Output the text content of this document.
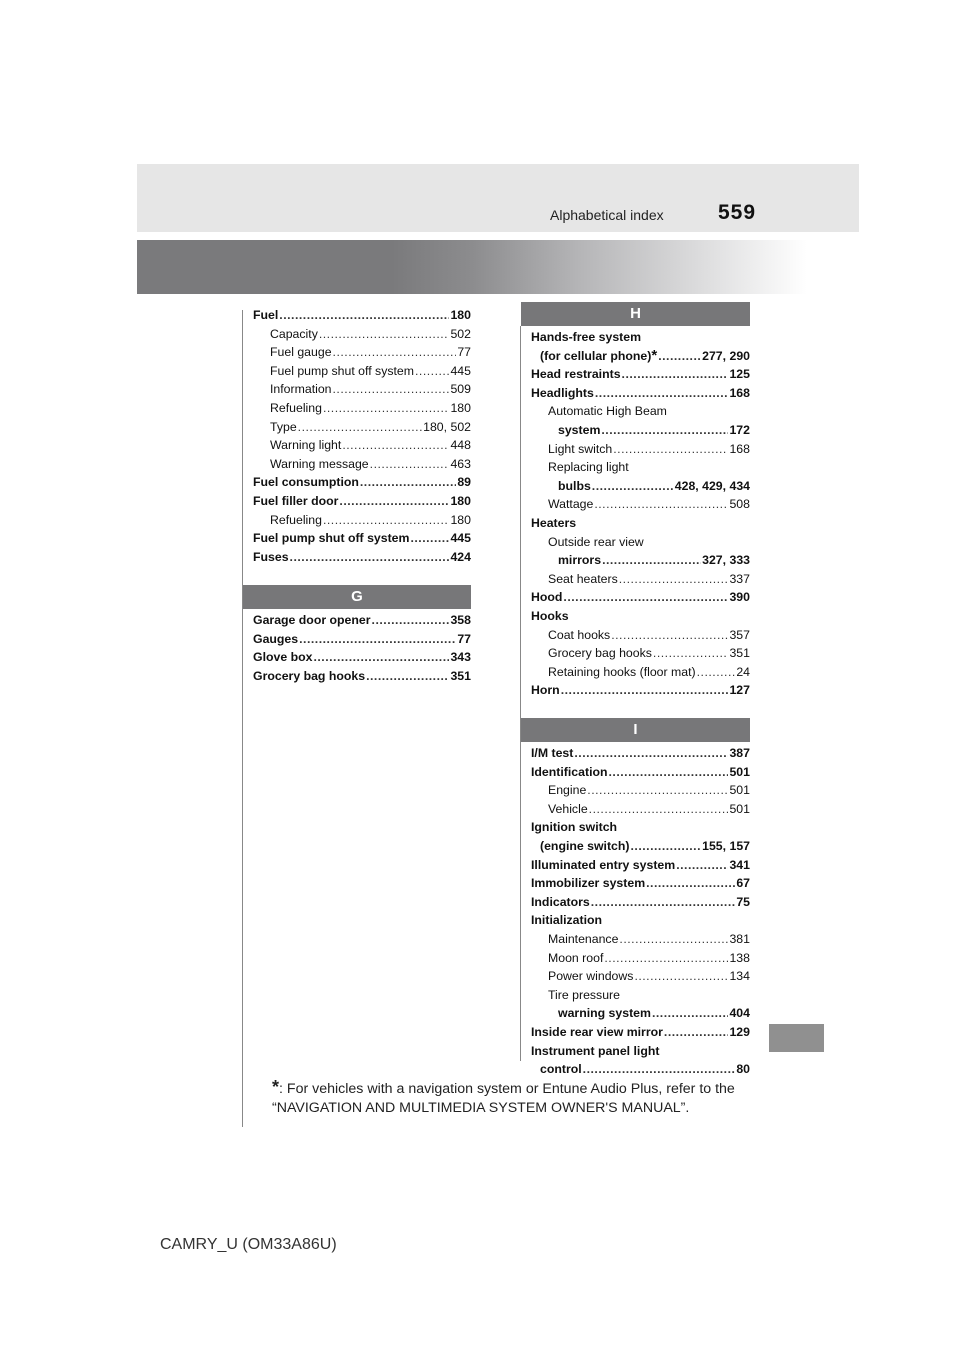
Alphabetical index	559
Fuel .....	180
Capacity .....	502
Fuel gauge .....	77
Fuel pump shut off system .....	445
Information .....	509
Refueling .....	180
Type .....	180, 502
Warning light .....	448
Warning message .....	463
Fuel consumption .....	89
Fuel filler door .....	180
Refueling .....	180
Fuel pump shut off system .....	445
Fuses .....	424
G
Garage door opener .....	358
Gauges .....	77
Glove box .....	343
Grocery bag hooks .....	351
H
Hands-free system
(for cellular phone) * .....	277, 290
Head restraints .....	125
Headlights .....	168
Automatic High Beam
system .....	172
Light switch .....	168
Replacing light
bulbs .....	428, 429, 434
Wattage .....	508
Heaters
Outside rear view
mirrors .....	327, 333
Seat heaters .....	337
Hood .....	390
Hooks
Coat hooks .....	357
Grocery bag hooks .....	351
Retaining hooks (floor mat) .....	24
Horn .....	127
I
I/M test .....	387
Identification .....	501
Engine .....	501
Vehicle .....	501
Ignition switch
(engine switch) .....	155, 157
Illuminated entry system .....	341
Immobilizer system .....	67
Indicators .....	75
Initialization
Maintenance .....	381
Moon roof .....	138
Power windows .....	134
Tire pressure
warning system .....	404
Inside rear view mirror .....	129
Instrument panel light
control .....	80
*: For vehicles with a navigation system or Entune Audio Plus, refer to the “NAVIGATION AND MULTIMEDIA SYSTEM OWNER'S MANUAL”.
CAMRY_U (OM33A86U)
